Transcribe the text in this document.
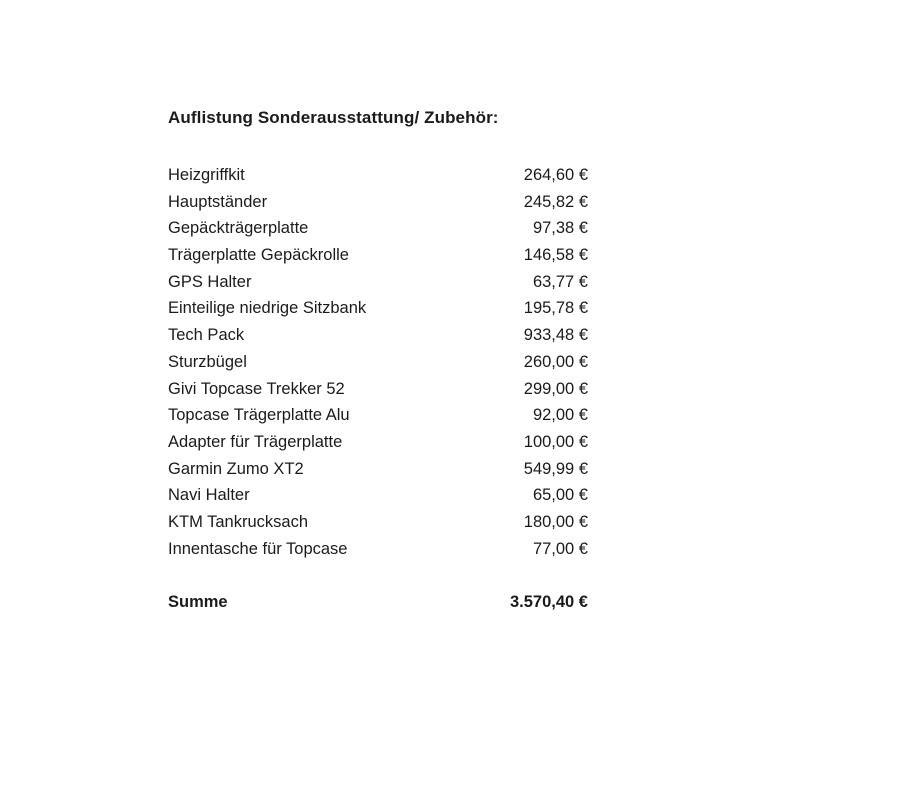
Auflistung Sonderausstattung/ Zubehör:
Heizgriffkit	264,60 €
Hauptständer	245,82 €
Gepäckträgerplatte	97,38 €
Trägerplatte Gepäckrolle	146,58 €
GPS Halter	63,77 €
Einteilige niedrige Sitzbank	195,78 €
Tech Pack	933,48 €
Sturzbügel	260,00 €
Givi Topcase Trekker 52	299,00 €
Topcase Trägerplatte Alu	92,00 €
Adapter für Trägerplatte	100,00 €
Garmin Zumo XT2	549,99 €
Navi Halter	65,00 €
KTM Tankrucksach	180,00 €
Innentasche für Topcase	77,00 €
Summe	3.570,40 €
